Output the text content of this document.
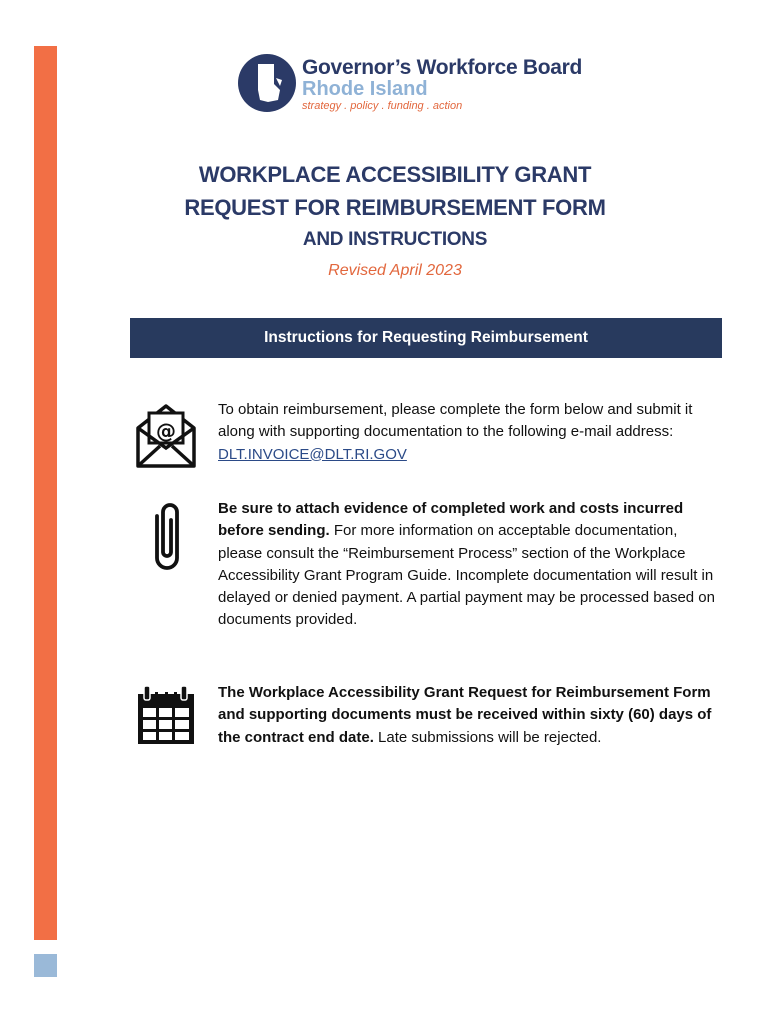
Governor’s Workforce Board
Rhode Island
strategy . policy . funding . action
WORKPLACE ACCESSIBILITY GRANT
REQUEST FOR REIMBURSEMENT FORM
AND INSTRUCTIONS
Revised April 2023
Instructions for Requesting Reimbursement
@

To obtain reimbursement, please complete the form below and submit it along with supporting documentation to the following e-mail address: DLT.INVOICE@DLT.RI.GOV

Be sure to attach evidence of completed work and costs incurred before sending. For more information on acceptable documentation, please consult the “Reimbursement Process” section of the Workplace Accessibility Grant Program Guide. Incomplete documentation will result in delayed or denied payment. A partial payment may be processed based on documents provided.

The Workplace Accessibility Grant Request for Reimbursement Form and supporting documents must be received within sixty (60) days of the contract end date. Late submissions will be rejected.
